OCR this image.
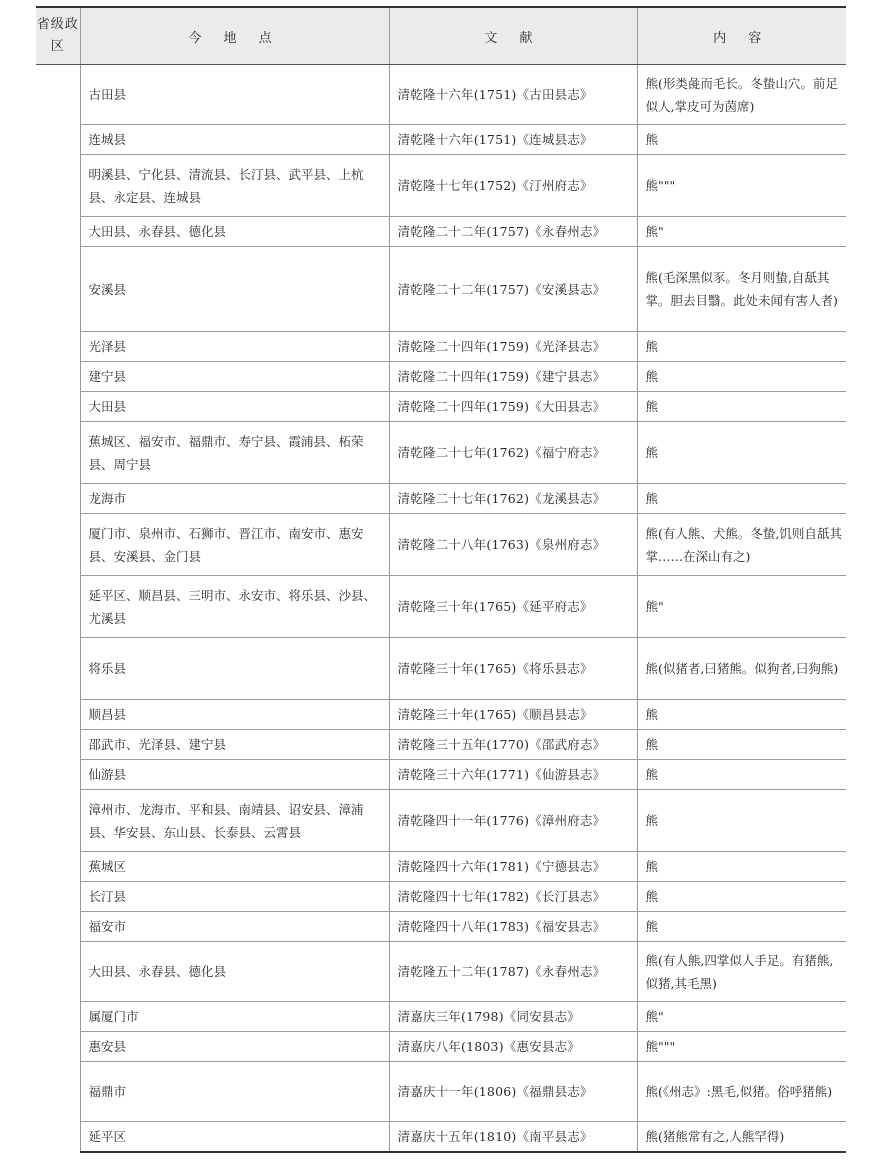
省级政区	今 地 点	文 献	内 容
	古田县	清乾隆十六年(1751)《古田县志》	熊(形类彘而毛长。冬蛰山穴。前足似人,掌皮可为茵席)
	连城县	清乾隆十六年(1751)《连城县志》	熊
	明溪县、宁化县、清流县、长汀县、武平县、上杭县、永定县、连城县	清乾隆十七年(1752)《汀州府志》	熊"""
	大田县、永春县、德化县	清乾隆二十二年(1757)《永春州志》	熊"
	安溪县	清乾隆二十二年(1757)《安溪县志》	熊(毛深黑似豕。冬月则蛰,自舐其掌。胆去目翳。此处未闻有害人者)
	光泽县	清乾隆二十四年(1759)《光泽县志》	熊
	建宁县	清乾隆二十四年(1759)《建宁县志》	熊
	大田县	清乾隆二十四年(1759)《大田县志》	熊
	蕉城区、福安市、福鼎市、寿宁县、霞浦县、柘荣县、周宁县	清乾隆二十七年(1762)《福宁府志》	熊
	龙海市	清乾隆二十七年(1762)《龙溪县志》	熊
	厦门市、泉州市、石狮市、晋江市、南安市、惠安县、安溪县、金门县	清乾隆二十八年(1763)《泉州府志》	熊(有人熊、犬熊。冬蛰,饥则自舐其掌……在深山有之)
	延平区、顺昌县、三明市、永安市、将乐县、沙县、尤溪县	清乾隆三十年(1765)《延平府志》	熊"
	将乐县	清乾隆三十年(1765)《将乐县志》	熊(似猪者,曰猪熊。似狗者,曰狗熊)
	顺昌县	清乾隆三十年(1765)《顺昌县志》	熊
	邵武市、光泽县、建宁县	清乾隆三十五年(1770)《邵武府志》	熊
	仙游县	清乾隆三十六年(1771)《仙游县志》	熊
	漳州市、龙海市、平和县、南靖县、诏安县、漳浦县、华安县、东山县、长泰县、云霄县	清乾隆四十一年(1776)《漳州府志》	熊
	蕉城区	清乾隆四十六年(1781)《宁德县志》	熊
	长汀县	清乾隆四十七年(1782)《长汀县志》	熊
	福安市	清乾隆四十八年(1783)《福安县志》	熊
	大田县、永春县、德化县	清乾隆五十二年(1787)《永春州志》	熊(有人熊,四掌似人手足。有猪熊,似猪,其毛黑)
	属厦门市	清嘉庆三年(1798)《同安县志》	熊"
	惠安县	清嘉庆八年(1803)《惠安县志》	熊"""
	福鼎市	清嘉庆十一年(1806)《福鼎县志》	熊(《州志》:黑毛,似猪。俗呼猪熊)
	延平区	清嘉庆十五年(1810)《南平县志》	熊(猪熊常有之,人熊罕得)
